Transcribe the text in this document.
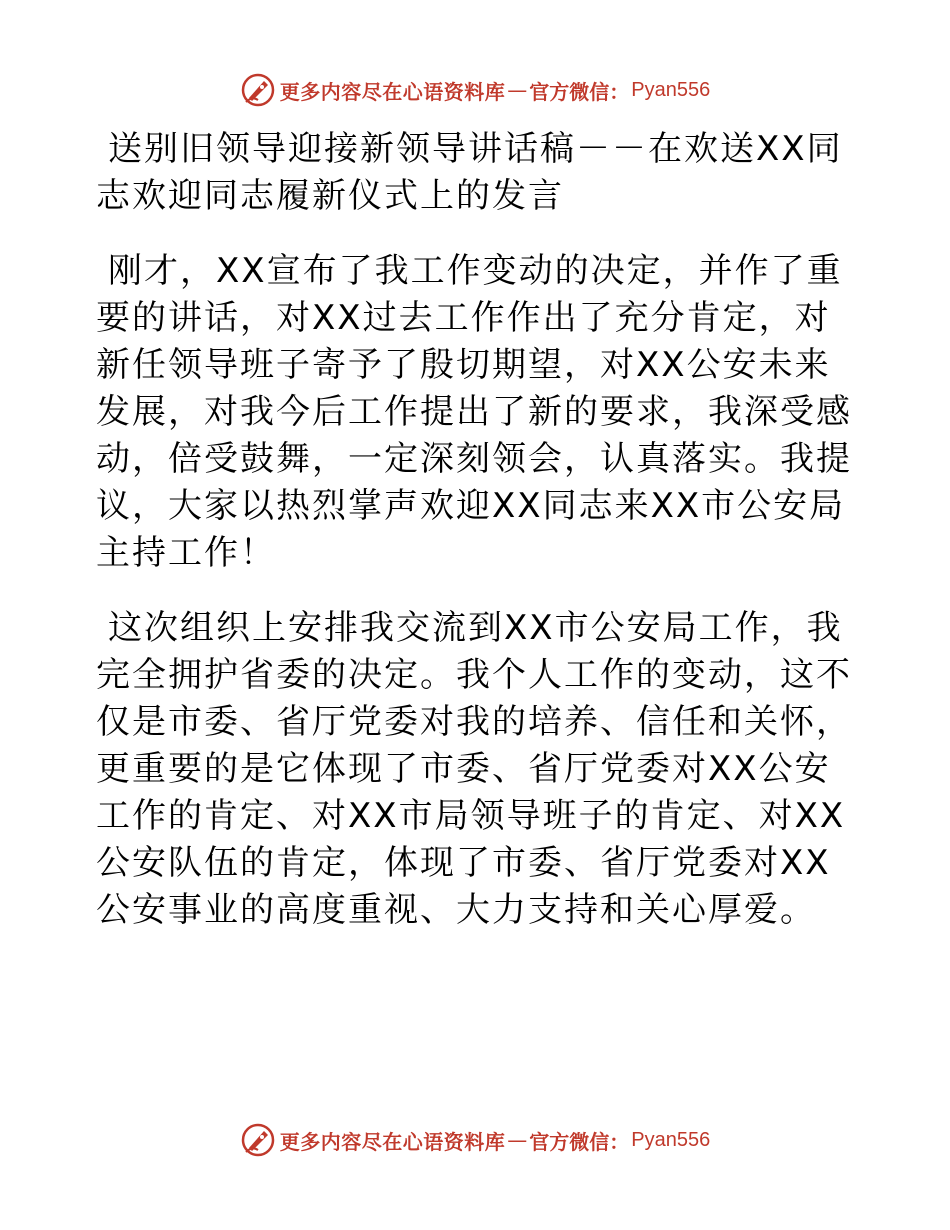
更多内容尽在心语资料库 — 官方微信： Pyan556
送别旧领导迎接新领导讲话稿－－在欢送XX同志欢迎同志履新仪式上的发言

刚才，XX宣布了我工作变动的决定，并作了重要的讲话，对XX过去工作作出了充分肯定，对新任领导班子寄予了殷切期望，对XX公安未来发展，对我今后工作提出了新的要求，我深受感动，倍受鼓舞，一定深刻领会，认真落实。我提议，大家以热烈掌声欢迎XX同志来XX市公安局主持工作！

这次组织上安排我交流到XX市公安局工作，我完全拥护省委的决定。我个人工作的变动，这不仅是市委、省厅党委对我的培养、信任和关怀，更重要的是它体现了市委、省厅党委对XX公安工作的肯定、对XX市局领导班子的肯定、对XX公安队伍的肯定，体现了市委、省厅党委对XX公安事业的高度重视、大力支持和关心厚爱。

更多内容尽在心语资料库 — 官方微信： Pyan556
